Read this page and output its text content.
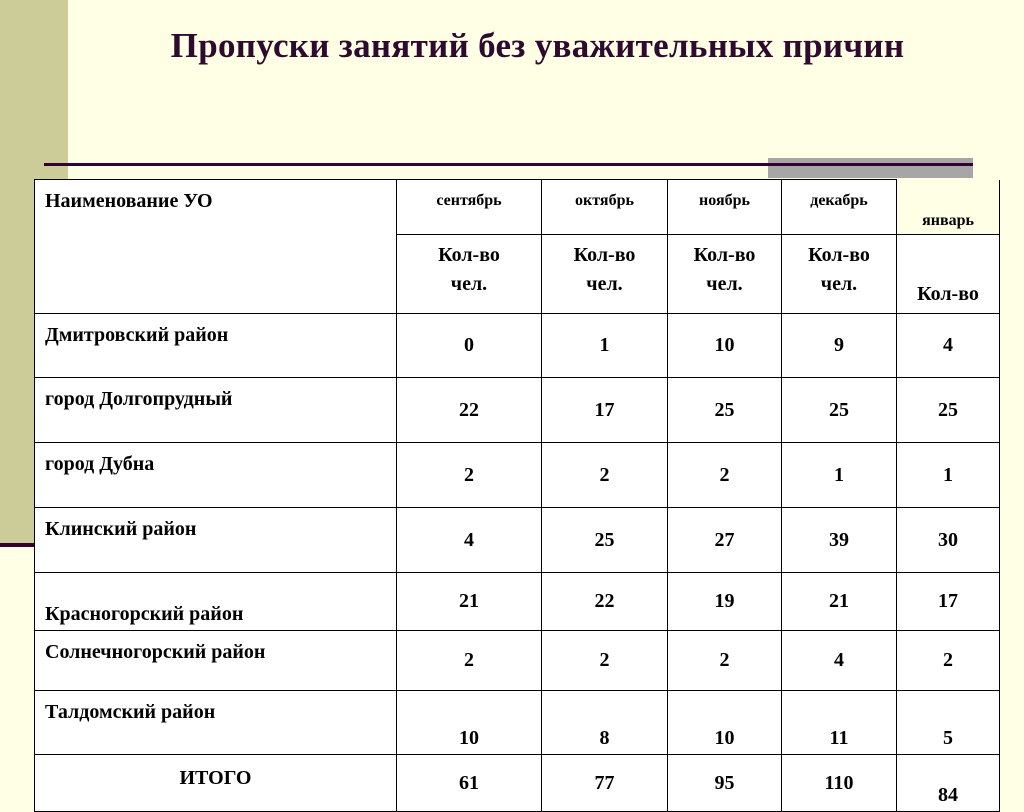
Пропуски занятий без уважительных причин
Наименование УО	сентябрь	октябрь	ноябрь	декабрь	январь
	Кол-во чел.	Кол-во чел.	Кол-во чел.	Кол-во чел.	Кол-во
Дмитровский район	0	1	10	9	4
город Долгопрудный	22	17	25	25	25
город Дубна	2	2	2	1	1
Клинский район	4	25	27	39	30
Красногорский район	21	22	19	21	17
Солнечногорский район	2	2	2	4	2
Талдомский район	10	8	10	11	5
ИТОГО	61	77	95	110	84
